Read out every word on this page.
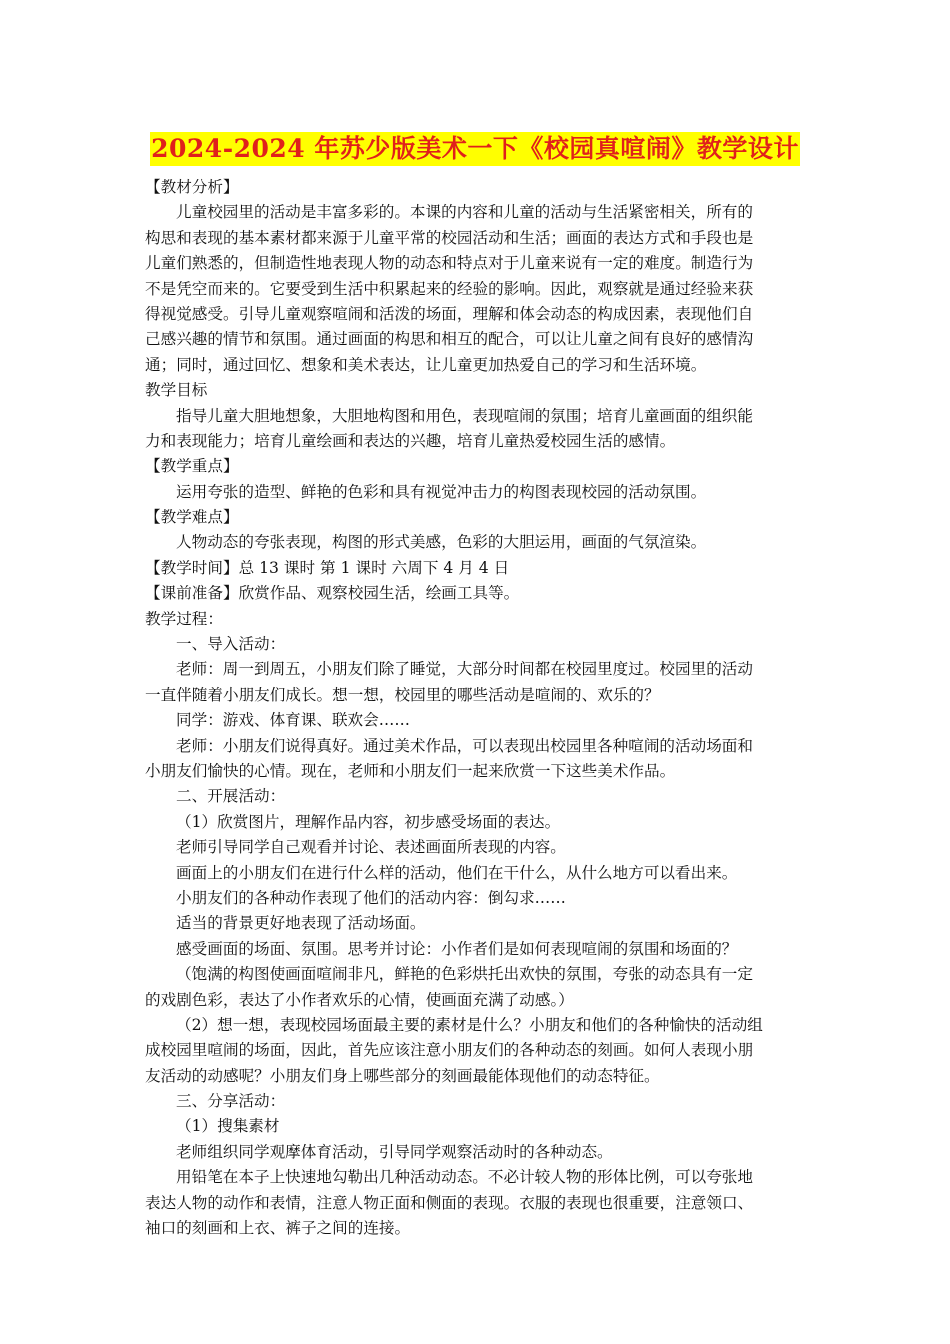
2024-2024 年苏少版美术一下《校园真喧闹》教学设计
【教材分析】
儿童校园里的活动是丰富多彩的。本课的内容和儿童的活动与生活紧密相关，所有的
构思和表现的基本素材都来源于儿童平常的校园活动和生活；画面的表达方式和手段也是
儿童们熟悉的，但制造性地表现人物的动态和特点对于儿童来说有一定的难度。制造行为
不是凭空而来的。它要受到生活中积累起来的经验的影响。因此，观察就是通过经验来获
得视觉感受。引导儿童观察喧闹和活泼的场面，理解和体会动态的构成因素，表现他们自
己感兴趣的情节和氛围。通过画面的构思和相互的配合，可以让儿童之间有良好的感情沟
通；同时，通过回忆、想象和美术表达，让儿童更加热爱自己的学习和生活环境。
教学目标
指导儿童大胆地想象，大胆地构图和用色，表现喧闹的氛围；培育儿童画面的组织能
力和表现能力；培育儿童绘画和表达的兴趣，培育儿童热爱校园生活的感情。
【教学重点】
运用夸张的造型、鲜艳的色彩和具有视觉冲击力的构图表现校园的活动氛围。
【教学难点】
人物动态的夸张表现，构图的形式美感，色彩的大胆运用，画面的气氛渲染。
【教学时间】总 13 课时 第 1 课时 六周下 4 月 4 日
【课前准备】欣赏作品、观察校园生活，绘画工具等。
教学过程：
一、导入活动：
老师：周一到周五，小朋友们除了睡觉，大部分时间都在校园里度过。校园里的活动
一直伴随着小朋友们成长。想一想，校园里的哪些活动是喧闹的、欢乐的？
同学：游戏、体育课、联欢会……
老师：小朋友们说得真好。通过美术作品，可以表现出校园里各种喧闹的活动场面和
小朋友们愉快的心情。现在，老师和小朋友们一起来欣赏一下这些美术作品。
二、开展活动：
（1）欣赏图片，理解作品内容，初步感受场面的表达。
老师引导同学自己观看并讨论、表述画面所表现的内容。
画面上的小朋友们在进行什么样的活动，他们在干什么，从什么地方可以看出来。
小朋友们的各种动作表现了他们的活动内容：倒勾求……
适当的背景更好地表现了活动场面。
感受画面的场面、氛围。思考并讨论：小作者们是如何表现喧闹的氛围和场面的？
（饱满的构图使画面喧闹非凡，鲜艳的色彩烘托出欢快的氛围，夸张的动态具有一定
的戏剧色彩，表达了小作者欢乐的心情，使画面充满了动感。）
（2）想一想，表现校园场面最主要的素材是什么？小朋友和他们的各种愉快的活动组
成校园里喧闹的场面，因此，首先应该注意小朋友们的各种动态的刻画。如何人表现小朋
友活动的动感呢？小朋友们身上哪些部分的刻画最能体现他们的动态特征。
三、分享活动：
（1）搜集素材
老师组织同学观摩体育活动，引导同学观察活动时的各种动态。
用铅笔在本子上快速地勾勒出几种活动动态。不必计较人物的形体比例，可以夸张地
表达人物的动作和表情，注意人物正面和侧面的表现。衣服的表现也很重要，注意领口、
袖口的刻画和上衣、裤子之间的连接。
